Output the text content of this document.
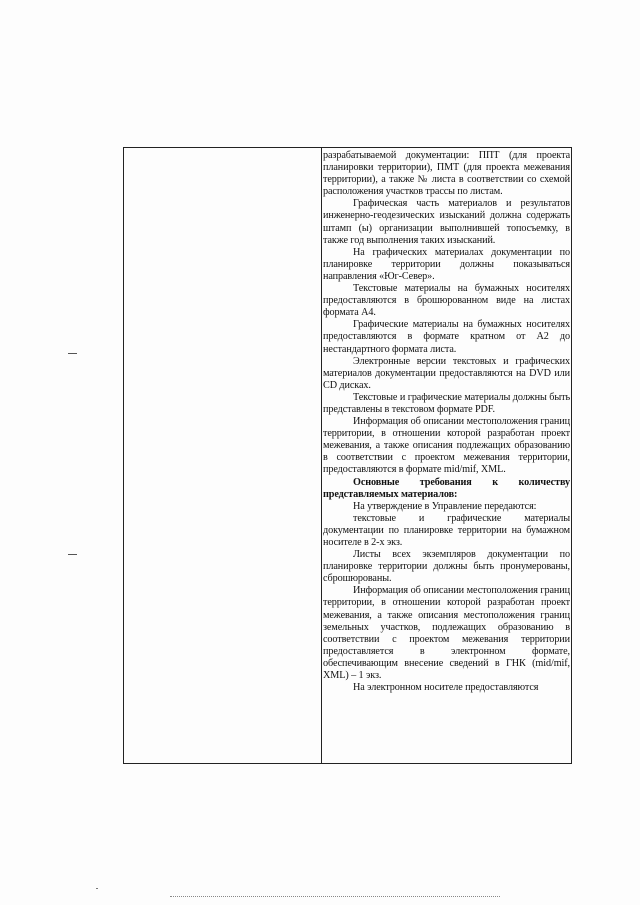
разрабатываемой документации: ППТ (для проекта планировки территории), ПМТ (для проекта межевания территории), а также № листа в соответствии со схемой расположения участков трассы по листам.

Графическая часть материалов и результатов инженерно-геодезических изысканий должна содержать штамп (ы) организации выполнившей топосъемку, в также год выполнения таких изысканий.

На графических материалах документации по планировке территории должны показываться направления «Юг-Север».

Текстовые материалы на бумажных носителях предоставляются в брошюрованном виде на листах формата А4.

Графические материалы на бумажных носителях предоставляются в формате кратном от А2 до нестандартного формата листа.

Электронные версии текстовых и графических материалов документации предоставляются на DVD или CD дисках.

Текстовые и графические материалы должны быть представлены в текстовом формате PDF.

Информация об описании местоположения границ территории, в отношении которой разработан проект межевания, а также описания подлежащих образованию в соответствии с проектом межевания территории, предоставляются в формате mid/mif, XML.

Основные требования к количеству представляемых материалов:

На утверждение в Управление передаются:

текстовые и графические материалы документации по планировке территории на бумажном носителе в 2-х экз.

Листы всех экземпляров документации по планировке территории должны быть пронумерованы, сброшюрованы.

Информация об описании местоположения границ территории, в отношении которой разработан проект межевания, а также описания местоположения границ земельных участков, подлежащих образованию в соответствии с проектом межевания территории предоставляется в электронном формате, обеспечивающим внесение сведений в ГНК (mid/mif, XML) – 1 экз.

На электронном носителе предоставляются
